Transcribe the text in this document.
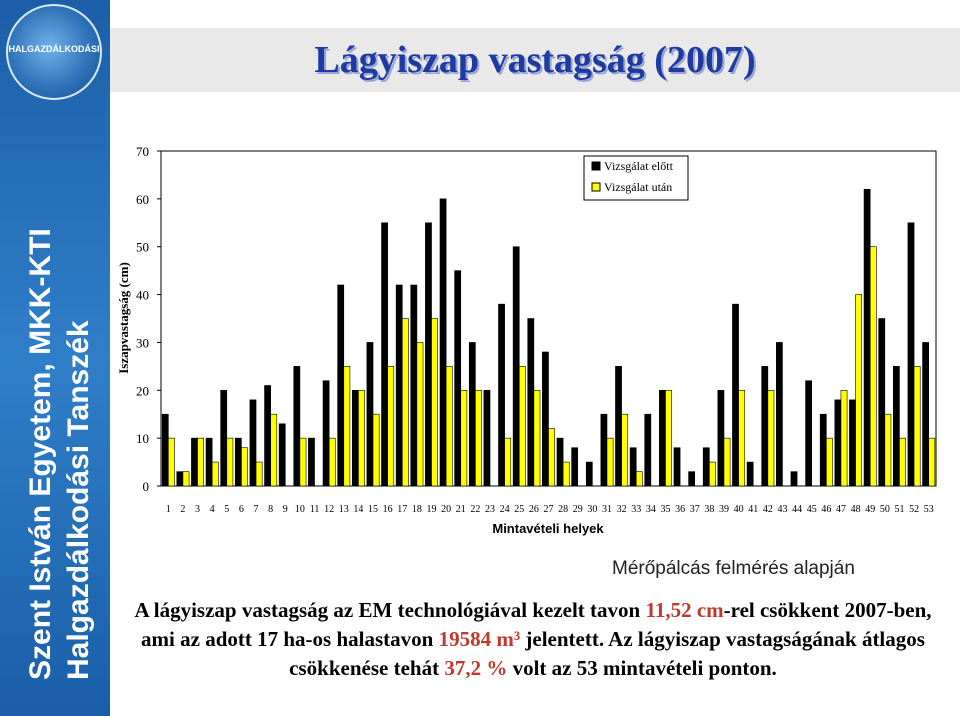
HALGAZDÁLKODÁSI
Szent István Egyetem, MKK-KTI Halgazdálkodási Tanszék
Lágyiszap vastagság (2007)
0
10
20
30
40
50
60
70
1 2 3 4 5 6 7 8 9 10 11 12 13 14 15 16 17 18 19 20 21 22 23 24 25 26 27 28 29 30 31 32 33 34 35 36 37 38 39 40 41 42 43 44 45 46 47 48 49 50 51 52 53
Iszapvastagság (cm)
Mintavételi helyek
Vizsgálat előtt
Vizsgálat után
Mérőpálcás felmérés alapján
A lágyiszap vastagság az EM technológiával kezelt tavon 11,52 cm-rel csökkent 2007-ben, ami az adott 17 ha-os halastavon 19584 m³ jelentett. Az lágyiszap vastagságának átlagos csökkenése tehát 37,2 % volt az 53 mintavételi ponton.
